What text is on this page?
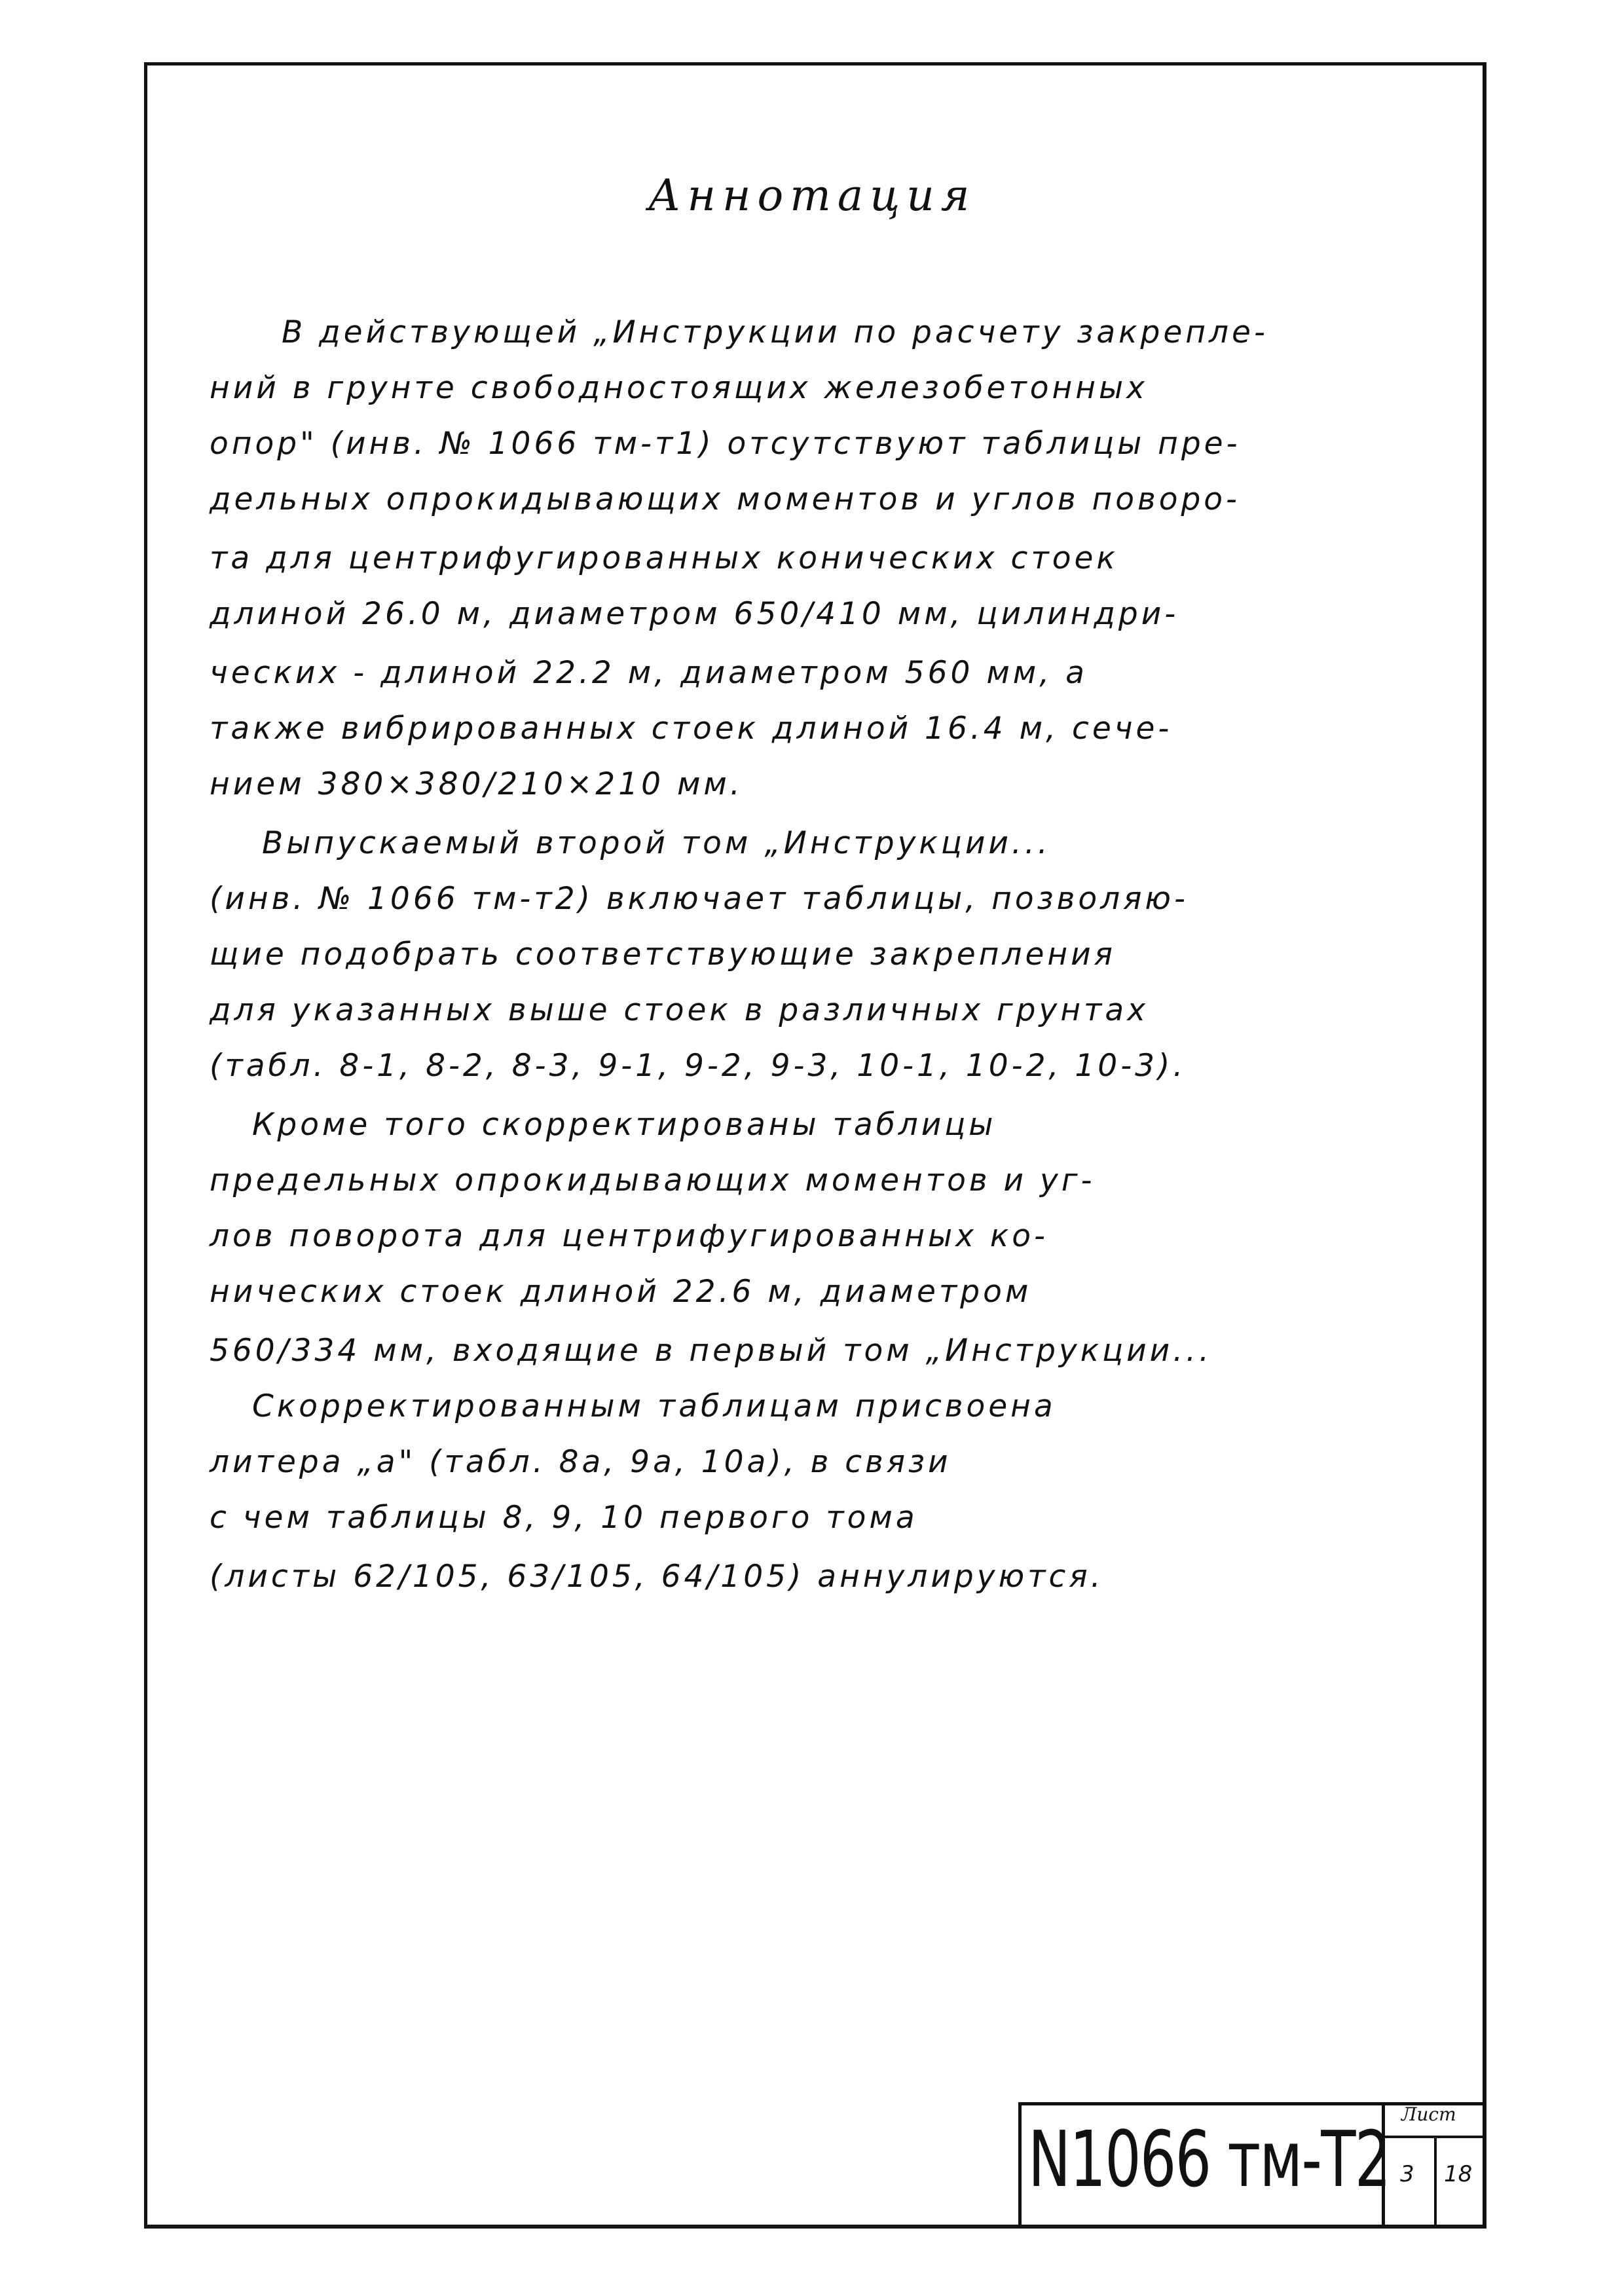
Аннотация
В действующей „Инструкции по расчету закрепле-
ний в грунте свободностоящих железобетонных
опор" (инв. № 1066 тм-т1) отсутствуют таблицы пре-
дельных опрокидывающих моментов и углов поворо-
та для центрифугированных конических стоек
длиной 26.0 м, диаметром 650/410 мм, цилиндри-
ческих - длиной 22.2 м, диаметром 560 мм, а
также вибрированных стоек длиной 16.4 м, сече-
нием 380×380/210×210 мм.
Выпускаемый второй том „Инструкции...
(инв. № 1066 тм-т2) включает таблицы, позволяю-
щие подобрать соответствующие закрепления
для указанных выше стоек в различных грунтах
(табл. 8-1, 8-2, 8-3, 9-1, 9-2, 9-3, 10-1, 10-2, 10-3).
Кроме того скорректированы таблицы
предельных опрокидывающих моментов и уг-
лов поворота для центрифугированных ко-
нических стоек длиной 22.6 м, диаметром
560/334 мм, входящие в первый том „Инструкции...
Скорректированным таблицам присвоена
литера „а" (табл. 8а, 9а, 10а), в связи
с чем таблицы 8, 9, 10 первого тома
(листы 62/105, 63/105, 64/105) аннулируются.
N1066 тм-Т2 Лист
3 18
